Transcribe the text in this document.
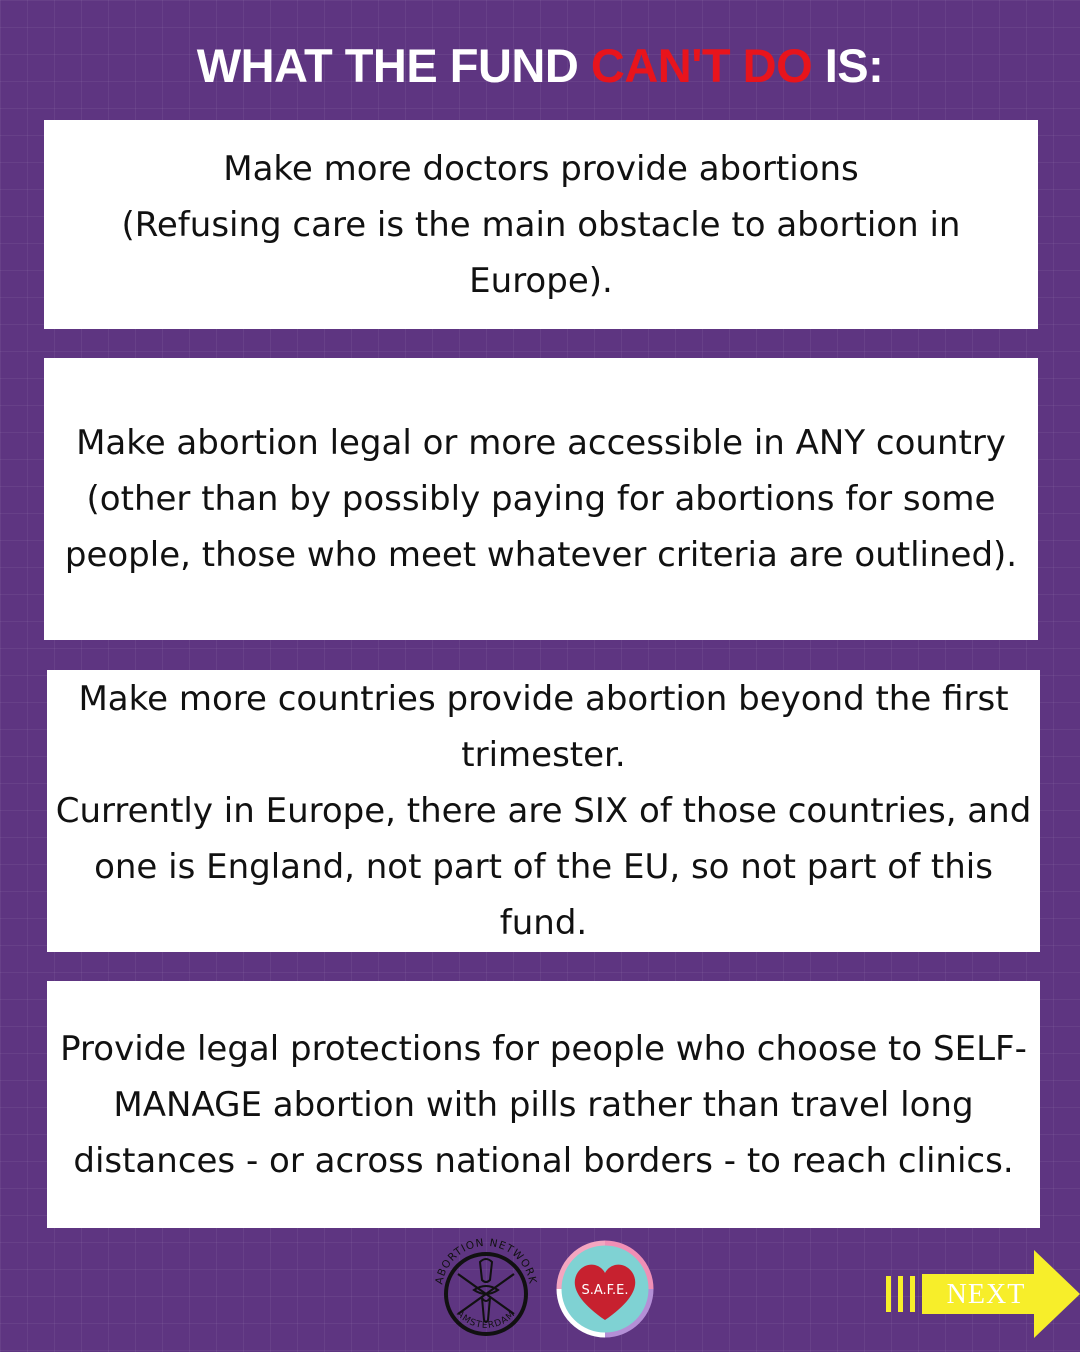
WHAT THE FUND CAN'T DO IS:

Make more doctors provide abortions
(Refusing care is the main obstacle to abortion in Europe).

Make abortion legal or more accessible in ANY country
(other than by possibly paying for abortions for some people, those who meet whatever criteria are outlined).

Make more countries provide abortion beyond the first trimester.
Currently in Europe, there are SIX of those countries, and one is England, not part of the EU, so not part of this fund.

Provide legal protections for people who choose to SELF-MANAGE abortion with pills rather than travel long distances - or across national borders - to reach clinics.

ABORTION NETWORK
AMSTERDAM
S.A.F.E.	NEXT
